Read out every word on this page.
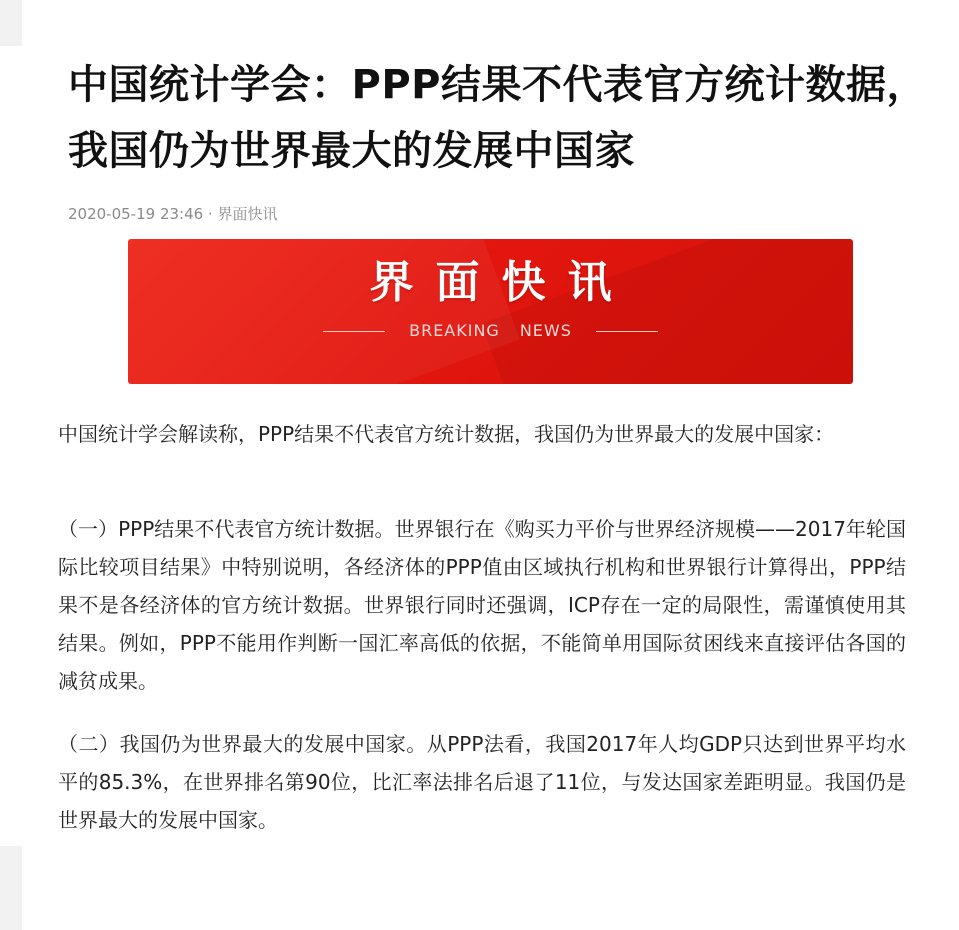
中国统计学会：PPP结果不代表官方统计数据，我国仍为世界最大的发展中国家
2020-05-19 23:46 · 界面快讯
界面快讯
BREAKING NEWS

中国统计学会解读称，PPP结果不代表官方统计数据，我国仍为世界最大的发展中国家：

（一）PPP结果不代表官方统计数据。世界银行在《购买力平价与世界经济规模——2017年轮国际比较项目结果》中特别说明，各经济体的PPP值由区域执行机构和世界银行计算得出，PPP结果不是各经济体的官方统计数据。世界银行同时还强调，ICP存在一定的局限性，需谨慎使用其结果。例如，PPP不能用作判断一国汇率高低的依据，不能简单用国际贫困线来直接评估各国的减贫成果。

（二）我国仍为世界最大的发展中国家。从PPP法看，我国2017年人均GDP只达到世界平均水平的85.3%，在世界排名第90位，比汇率法排名后退了11位，与发达国家差距明显。我国仍是世界最大的发展中国家。
